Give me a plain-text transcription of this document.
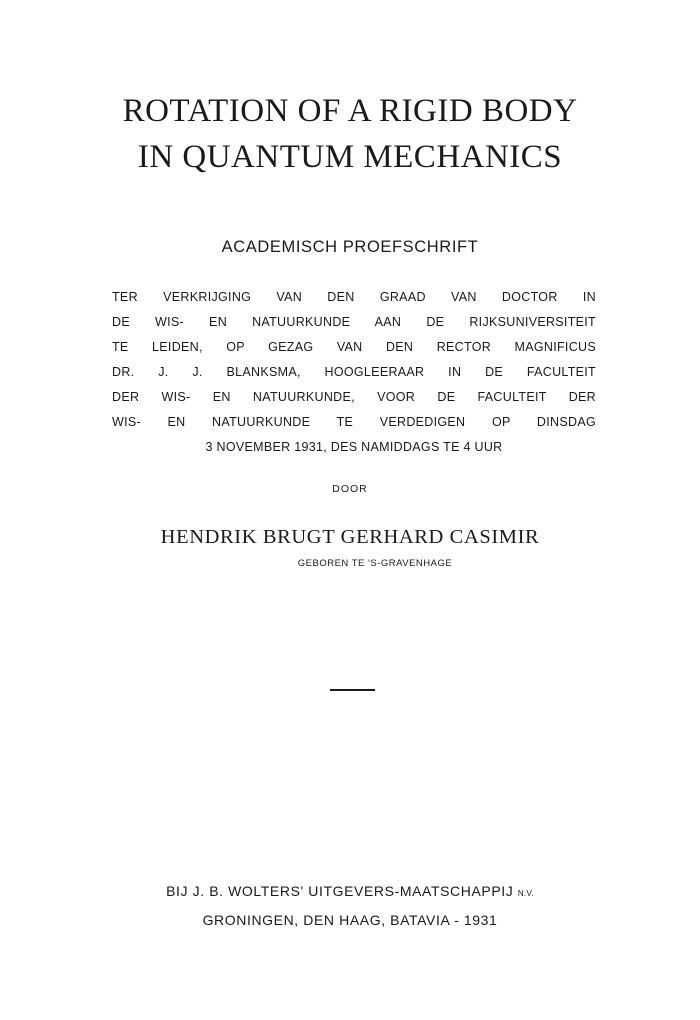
ROTATION OF A RIGID BODY
IN QUANTUM MECHANICS

ACADEMISCH PROEFSCHRIFT

TER VERKRIJGING VAN DEN GRAAD VAN DOCTOR IN
DE WIS- EN NATUURKUNDE AAN DE RIJKSUNIVERSITEIT
TE LEIDEN, OP GEZAG VAN DEN RECTOR MAGNIFICUS
DR. J. J. BLANKSMA, HOOGLEERAAR IN DE FACULTEIT
DER WIS- EN NATUURKUNDE, VOOR DE FACULTEIT DER
WIS- EN NATUURKUNDE TE VERDEDIGEN OP DINSDAG
3 NOVEMBER 1931, DES NAMIDDAGS TE 4 UUR

DOOR

HENDRIK BRUGT GERHARD CASIMIR

GEBOREN TE 'S-GRAVENHAGE

BIJ J. B. WOLTERS' UITGEVERS-MAATSCHAPPIJ N.V.
GRONINGEN, DEN HAAG, BATAVIA - 1931
